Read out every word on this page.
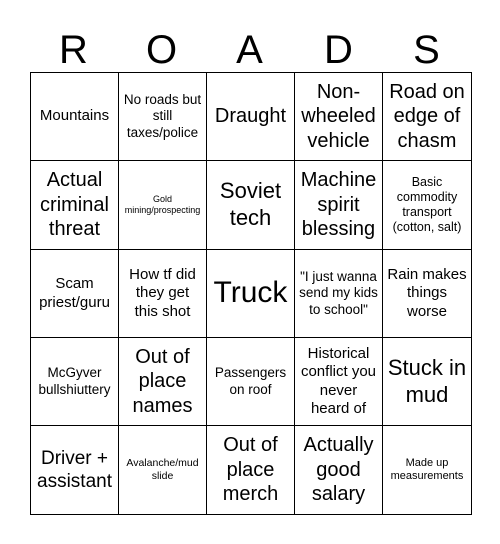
R	O	A	D	S
Mountains	No roads but still taxes/police	Draught	Non-wheeled vehicle	Road on edge of chasm
Actual criminal threat	Gold mining/prospecting	Soviet tech	Machine spirit blessing	Basic commodity transport (cotton, salt)
Scam priest/guru	How tf did they get this shot	Truck	"I just wanna send my kids to school"	Rain makes things worse
McGyver bullshiuttery	Out of place names	Passengers on roof	Historical conflict you never heard of	Stuck in mud
Driver + assistant	Avalanche/mud slide	Out of place merch	Actually good salary	Made up measurements
